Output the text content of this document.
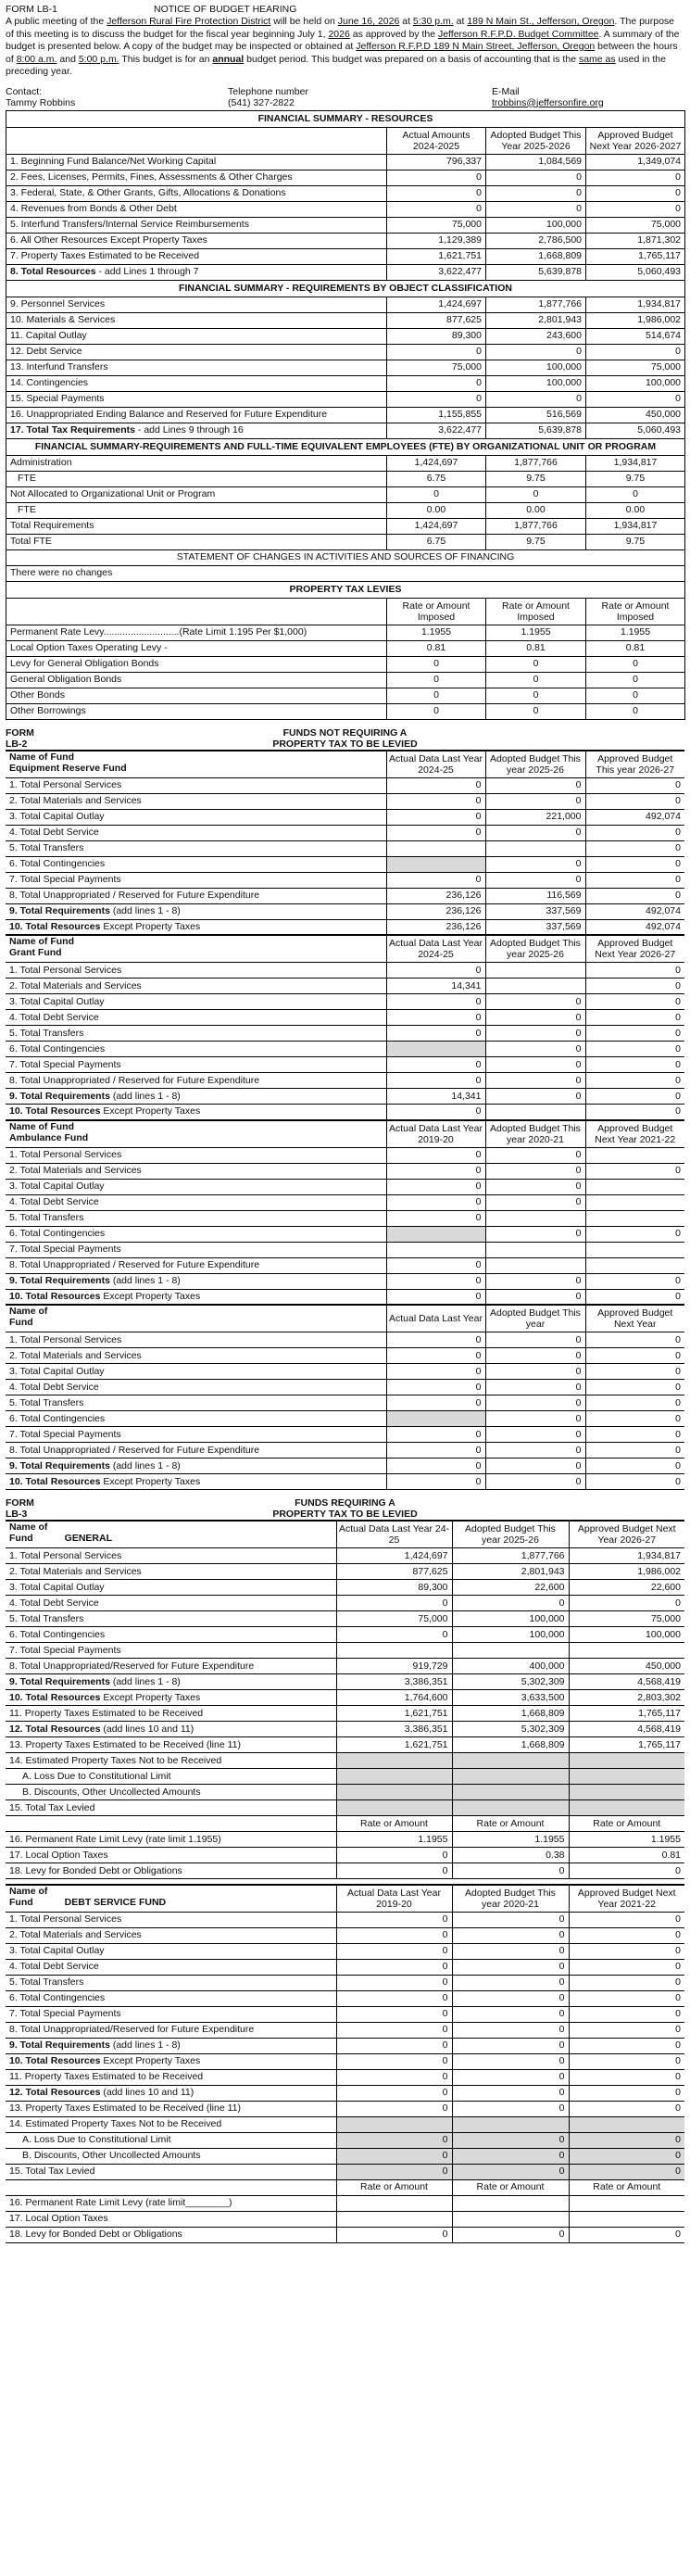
FORM LB-1	NOTICE OF BUDGET HEARING
A public meeting of the Jefferson Rural Fire Protection District will be held on June 16, 2026 at 5:30 p.m. at 189 N Main St., Jefferson, Oregon. The purpose of this meeting is to discuss the budget for the fiscal year beginning July 1, 2026 as approved by the Jefferson R.F.P.D. Budget Committee. A summary of the budget is presented below. A copy of the budget may be inspected or obtained at Jefferson R.F.P.D 189 N Main Street, Jefferson, Oregon between the hours of 8:00 a.m. and 5:00 p.m. This budget is for an annual budget period. This budget was prepared on a basis of accounting that is the same as used in the preceding year.
Contact:
Tammy Robbins
Telephone number
(541) 327-2822
E-Mail
trobbins@jeffersonfire.org
FINANCIAL SUMMARY - RESOURCES			
	Actual Amounts 2024-2025	Adopted Budget This Year 2025-2026	Approved Budget Next Year 2026-2027
1. Beginning Fund Balance/Net Working Capital	796,337	1,084,569	1,349,074
2. Fees, Licenses, Permits, Fines, Assessments & Other Charges	0	0	0
3. Federal, State, & Other Grants, Gifts, Allocations & Donations	0	0	0
4. Revenues from Bonds & Other Debt	0	0	0
5. Interfund Transfers/Internal Service Reimbursements	75,000	100,000	75,000
6. All Other Resources Except Property Taxes	1,129,389	2,786,500	1,871,302
7. Property Taxes Estimated to be Received	1,621,751	1,668,809	1,765,117
8. Total Resources - add Lines 1 through 7	3,622,477	5,639,878	5,060,493
FINANCIAL SUMMARY - REQUIREMENTS BY OBJECT CLASSIFICATION			
9. Personnel Services	1,424,697	1,877,766	1,934,817
10. Materials & Services	877,625	2,801,943	1,986,002
11. Capital Outlay	89,300	243,600	514,674
12. Debt Service	0	0	0
13. Interfund Transfers	75,000	100,000	75,000
14. Contingencies	0	100,000	100,000
15. Special Payments	0	0	0
16. Unappropriated Ending Balance and Reserved for Future Expenditure	1,155,855	516,569	450,000
17. Total Tax Requirements - add Lines 9 through 16	3,622,477	5,639,878	5,060,493
FINANCIAL SUMMARY-REQUIREMENTS AND FULL-TIME EQUIVALENT EMPLOYEES (FTE) BY ORGANIZATIONAL UNIT OR PROGRAM			
Administration	1,424,697	1,877,766	1,934,817
FTE	6.75	9.75	9.75
Not Allocated to Organizational Unit or Program	0	0	0
FTE	0.00	0.00	0.00
Total Requirements	1,424,697	1,877,766	1,934,817
Total FTE	6.75	9.75	9.75
STATEMENT OF CHANGES IN ACTIVITIES AND SOURCES OF FINANCING			
There were no changes			
PROPERTY TAX LEVIES			
	Rate or Amount Imposed	Rate or Amount Imposed	Rate or Amount Imposed
Permanent Rate Levy............................(Rate Limit 1.195 Per $1,000)	1.1955	1.1955	1.1955
Local Option Taxes Operating Levy -	0.81	0.81	0.81
Levy for General Obligation Bonds	0	0	0
General Obligation Bonds	0	0	0
Other Bonds	0	0	0
Other Borrowings	0	0	0
FORM
LB-2
FUNDS NOT REQUIRING A
PROPERTY TAX TO BE LEVIED
Name of Fund
Equipment Reserve Fund	Actual Data Last Year 2024-25	Adopted Budget This year 2025-26	Approved Budget This year 2026-27
1. Total Personal Services	0	0	0
2. Total Materials and Services	0	0	0
3. Total Capital Outlay	0	221,000	492,074
4. Total Debt Service	0	0	0
5. Total Transfers			0
6. Total Contingencies		0	0
7. Total Special Payments	0	0	0
8. Total Unappropriated / Reserved for Future Expenditure	236,126	116,569	0
9. Total Requirements (add lines 1 - 8)	236,126	337,569	492,074
10. Total Resources Except Property Taxes	236,126	337,569	492,074

Name of Fund
Grant Fund	Actual Data Last Year 2024-25	Adopted Budget This year 2025-26	Approved Budget Next Year 2026-27
1. Total Personal Services	0		0
2. Total Materials and Services	14,341		0
3. Total Capital Outlay	0	0	0
4. Total Debt Service	0	0	0
5. Total Transfers	0	0	0
6. Total Contingencies		0	0
7. Total Special Payments	0	0	0
8. Total Unappropriated / Reserved for Future Expenditure	0	0	0
9. Total Requirements (add lines 1 - 8)	14,341	0	0
10. Total Resources Except Property Taxes	0		0

Name of Fund
Ambulance Fund	Actual Data Last Year 2019-20	Adopted Budget This year 2020-21	Approved Budget Next Year 2021-22
1. Total Personal Services	0	0	
2. Total Materials and Services	0	0	0
3. Total Capital Outlay	0	0	
4. Total Debt Service	0	0	
5. Total Transfers	0		
6. Total Contingencies		0	0
7. Total Special Payments			
8. Total Unappropriated / Reserved for Future Expenditure	0		
9. Total Requirements (add lines 1 - 8)	0	0	0
10. Total Resources Except Property Taxes	0	0	0

Name of
Fund	Actual Data Last Year	Adopted Budget This year	Approved Budget Next Year
1. Total Personal Services	0	0	0
2. Total Materials and Services	0	0	0
3. Total Capital Outlay	0	0	0
4. Total Debt Service	0	0	0
5. Total Transfers	0	0	0
6. Total Contingencies		0	0
7. Total Special Payments	0	0	0
8. Total Unappropriated / Reserved for Future Expenditure	0	0	0
9. Total Requirements (add lines 1 - 8)	0	0	0
10. Total Resources Except Property Taxes	0	0	0
FORM
LB-3
FUNDS REQUIRING A
PROPERTY TAX TO BE LEVIED
Name of
Fund GENERAL	Actual Data Last Year 24-25	Adopted Budget This year 2025-26	Approved Budget Next Year 2026-27
1. Total Personal Services	1,424,697	1,877,766	1,934,817
2. Total Materials and Services	877,625	2,801,943	1,986,002
3. Total Capital Outlay	89,300	22,600	22,600
4. Total Debt Service	0	0	0
5. Total Transfers	75,000	100,000	75,000
6. Total Contingencies	0	100,000	100,000
7. Total Special Payments			
8. Total Unappropriated/Reserved for Future Expenditure	919,729	400,000	450,000
9. Total Requirements (add lines 1 - 8)	3,386,351	5,302,309	4,568,419
10. Total Resources Except Property Taxes	1,764,600	3,633,500	2,803,302
11. Property Taxes Estimated to be Received	1,621,751	1,668,809	1,765,117
12. Total Resources (add lines 10 and 11)	3,386,351	5,302,309	4,568,419
13. Property Taxes Estimated to be Received (line 11)	1,621,751	1,668,809	1,765,117
14. Estimated Property Taxes Not to be Received			
A. Loss Due to Constitutional Limit			
B. Discounts, Other Uncollected Amounts			
15. Total Tax Levied			
	Rate or Amount	Rate or Amount	Rate or Amount
16. Permanent Rate Limit Levy (rate limit 1.1955)	1.1955	1.1955	1.1955
17. Local Option Taxes	0	0.38	0.81
18. Levy for Bonded Debt or Obligations	0	0	0

Name of
Fund DEBT SERVICE FUND	Actual Data Last Year 2019-20	Adopted Budget This year 2020-21	Approved Budget Next Year 2021-22
1. Total Personal Services	0	0	0
2. Total Materials and Services	0	0	0
3. Total Capital Outlay	0	0	0
4. Total Debt Service	0	0	0
5. Total Transfers	0	0	0
6. Total Contingencies	0	0	0
7. Total Special Payments	0	0	0
8. Total Unappropriated/Reserved for Future Expenditure	0	0	0
9. Total Requirements (add lines 1 - 8)	0	0	0
10. Total Resources Except Property Taxes	0	0	0
11. Property Taxes Estimated to be Received	0	0	0
12. Total Resources (add lines 10 and 11)	0	0	0
13. Property Taxes Estimated to be Received (line 11)	0	0	0
14. Estimated Property Taxes Not to be Received			
A. Loss Due to Constitutional Limit	0	0	0
B. Discounts, Other Uncollected Amounts	0	0	0
15. Total Tax Levied	0	0	0
	Rate or Amount	Rate or Amount	Rate or Amount
16. Permanent Rate Limit Levy (rate limit________)			
17. Local Option Taxes			
18. Levy for Bonded Debt or Obligations	0	0	0
